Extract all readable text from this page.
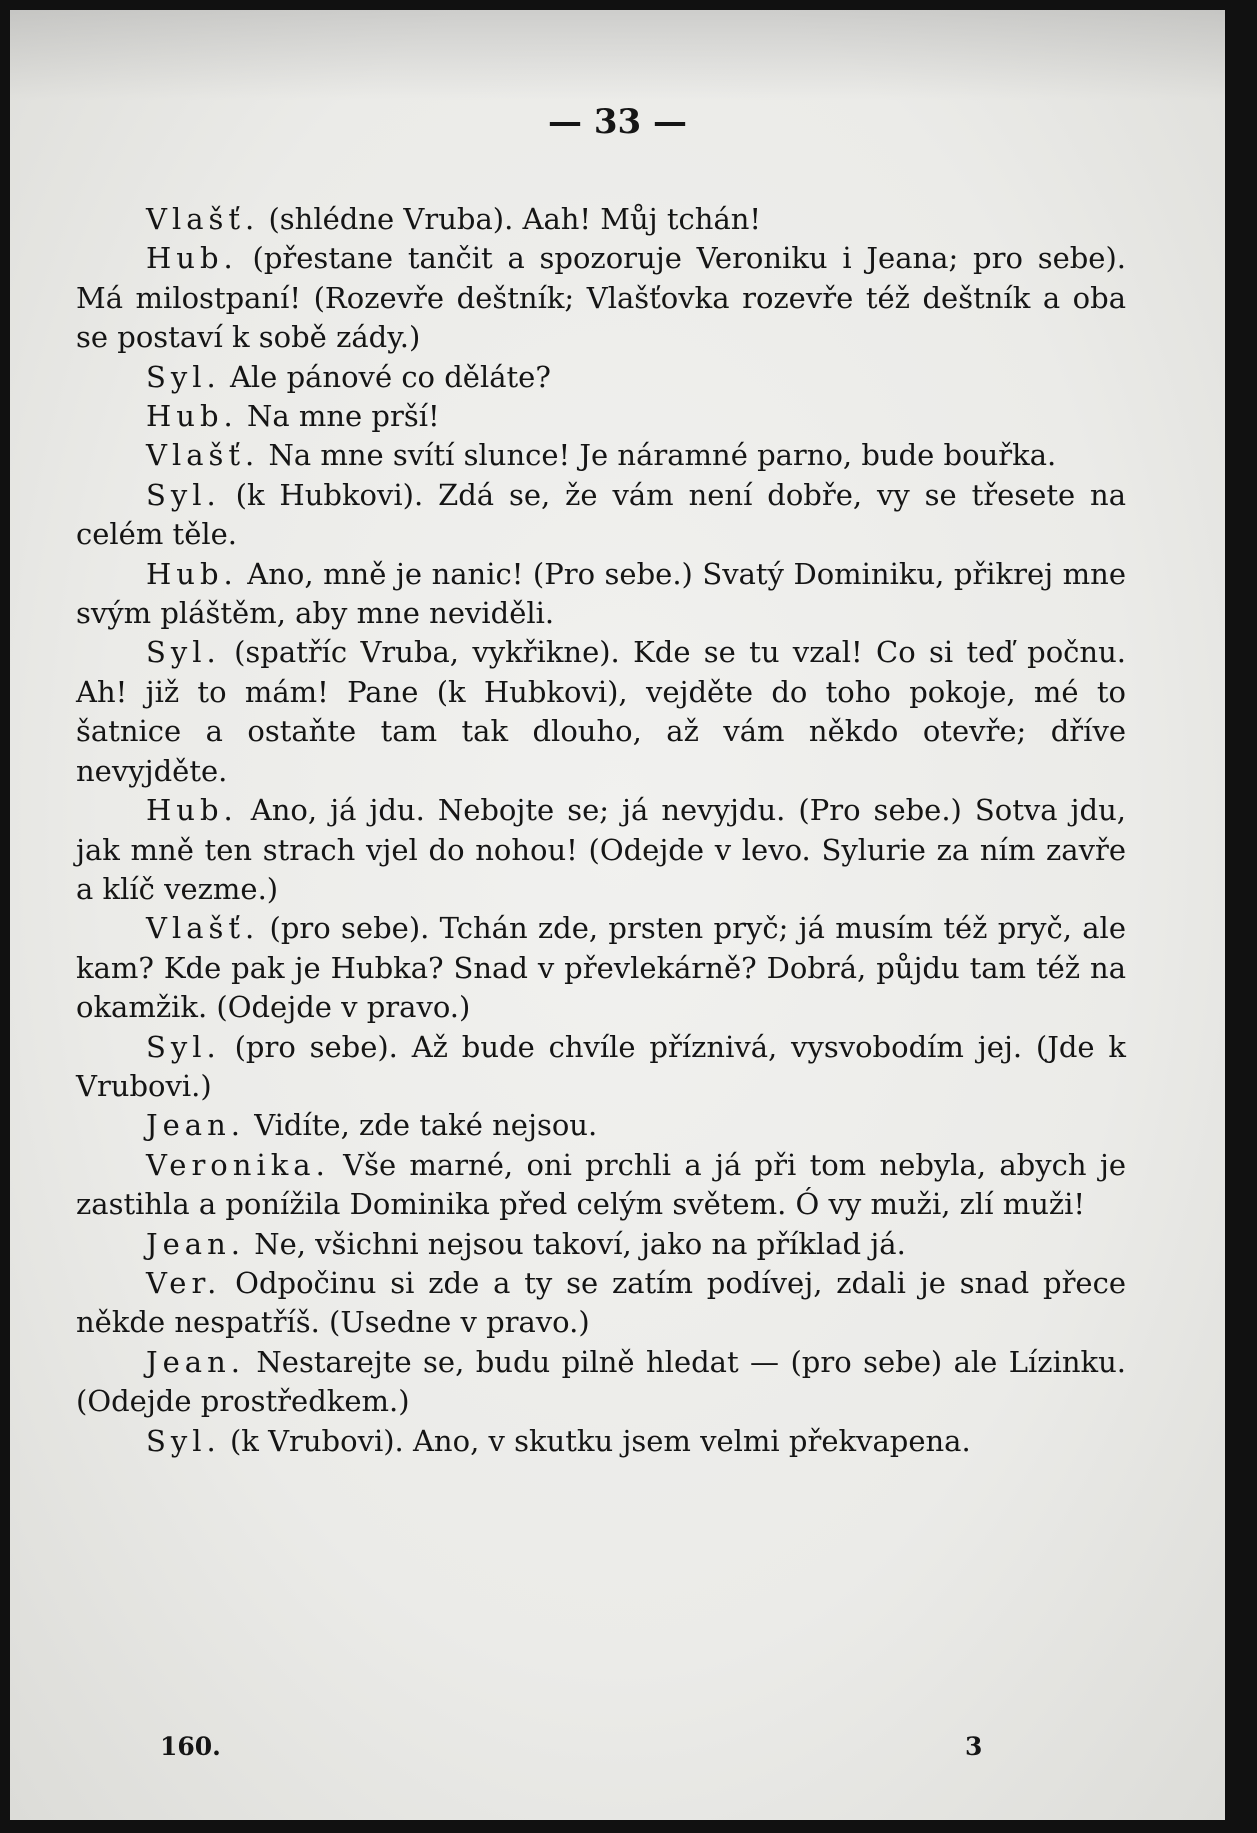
— 33 —

Vlašť. (shlédne Vruba). Aah! Můj tchán!

Hub. (přestane tančit a spozoruje Veroniku i Jeana; pro sebe). Má milostpaní! (Rozevře deštník; Vlašťovka rozevře též deštník a oba se postaví k sobě zády.)

Syl. Ale pánové co děláte?

Hub. Na mne prší!

Vlašť. Na mne svítí slunce! Je náramné parno, bude bouřka.

Syl. (k Hubkovi). Zdá se, že vám není dobře, vy se třesete na celém těle.

Hub. Ano, mně je nanic! (Pro sebe.) Svatý Dominiku, přikrej mne svým pláštěm, aby mne neviděli.

Syl. (spatříc Vruba, vykřikne). Kde se tu vzal! Co si teď počnu. Ah! již to mám! Pane (k Hubkovi), vejděte do toho pokoje, mé to šatnice a ostaňte tam tak dlouho, až vám někdo otevře; dříve nevyjděte.

Hub. Ano, já jdu. Nebojte se; já nevyjdu. (Pro sebe.) Sotva jdu, jak mně ten strach vjel do nohou! (Odejde v levo. Sylurie za ním zavře a klíč vezme.)

Vlašť. (pro sebe). Tchán zde, prsten pryč; já musím též pryč, ale kam? Kde pak je Hubka? Snad v převlekárně? Dobrá, půjdu tam též na okamžik. (Odejde v pravo.)

Syl. (pro sebe). Až bude chvíle příznivá, vysvobodím jej. (Jde k Vrubovi.)

Jean. Vidíte, zde také nejsou.

Veronika. Vše marné, oni prchli a já při tom nebyla, abych je zastihla a ponížila Dominika před celým světem. Ó vy muži, zlí muži!

Jean. Ne, všichni nejsou takoví, jako na příklad já.

Ver. Odpočinu si zde a ty se zatím podívej, zdali je snad přece někde nespatříš. (Usedne v pravo.)

Jean. Nestarejte se, budu pilně hledat — (pro sebe) ale Lízinku. (Odejde prostředkem.)

Syl. (k Vrubovi). Ano, v skutku jsem velmi překvapena.

160.	3
